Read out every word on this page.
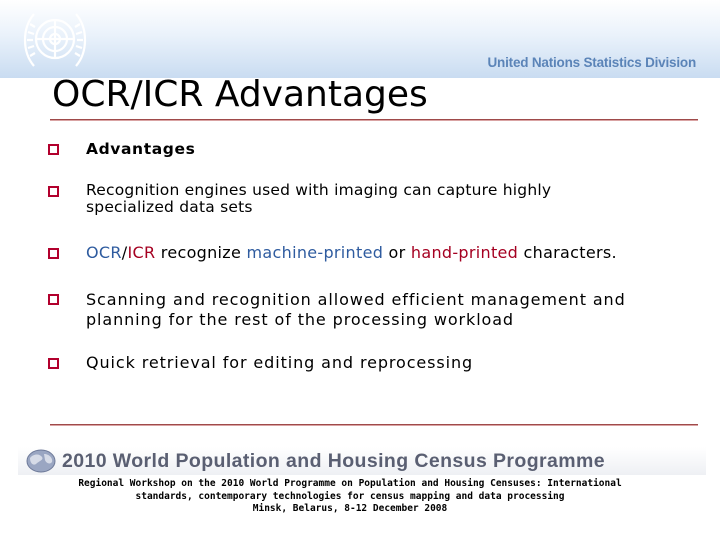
United Nations Statistics Division
OCR/ICR Advantages
Advantages
Recognition engines used with imaging can capture highly
specialized data sets
OCR/ICR recognize machine-printed or hand-printed characters.
Scanning and recognition allowed efficient management and
planning for the rest of the processing workload
Quick retrieval for editing and reprocessing
2010 World Population and Housing Census Programme
Regional Workshop on the 2010 World Programme on Population and Housing Censuses: International
standards, contemporary technologies for census mapping and data processing
Minsk, Belarus, 8-12 December 2008
